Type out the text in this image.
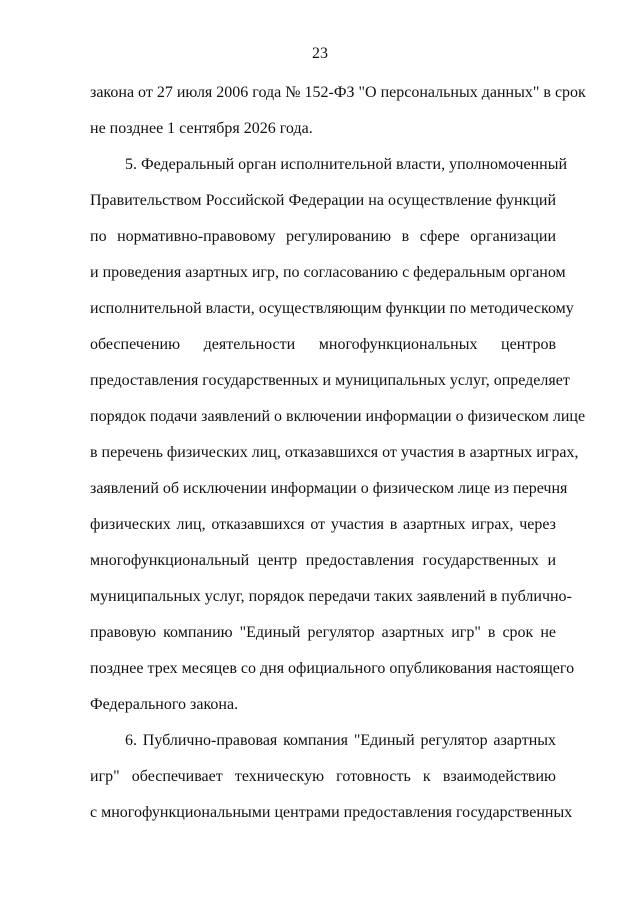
23
закона от 27 июля 2006 года № 152-ФЗ "О персональных данных" в срок
не позднее 1 сентября 2026 года.
5. Федеральный орган исполнительной власти, уполномоченный
Правительством Российской Федерации на осуществление функций
по нормативно-правовому регулированию в сфере организации
и проведения азартных игр, по согласованию с федеральным органом
исполнительной власти, осуществляющим функции по методическому
обеспечению деятельности многофункциональных центров
предоставления государственных и муниципальных услуг, определяет
порядок подачи заявлений о включении информации о физическом лице
в перечень физических лиц, отказавшихся от участия в азартных играх,
заявлений об исключении информации о физическом лице из перечня
физических лиц, отказавшихся от участия в азартных играх, через
многофункциональный центр предоставления государственных и
муниципальных услуг, порядок передачи таких заявлений в публично-
правовую компанию "Единый регулятор азартных игр" в срок не
позднее трех месяцев со дня официального опубликования настоящего
Федерального закона.
6. Публично-правовая компания "Единый регулятор азартных
игр" обеспечивает техническую готовность к взаимодействию
с многофункциональными центрами предоставления государственных
